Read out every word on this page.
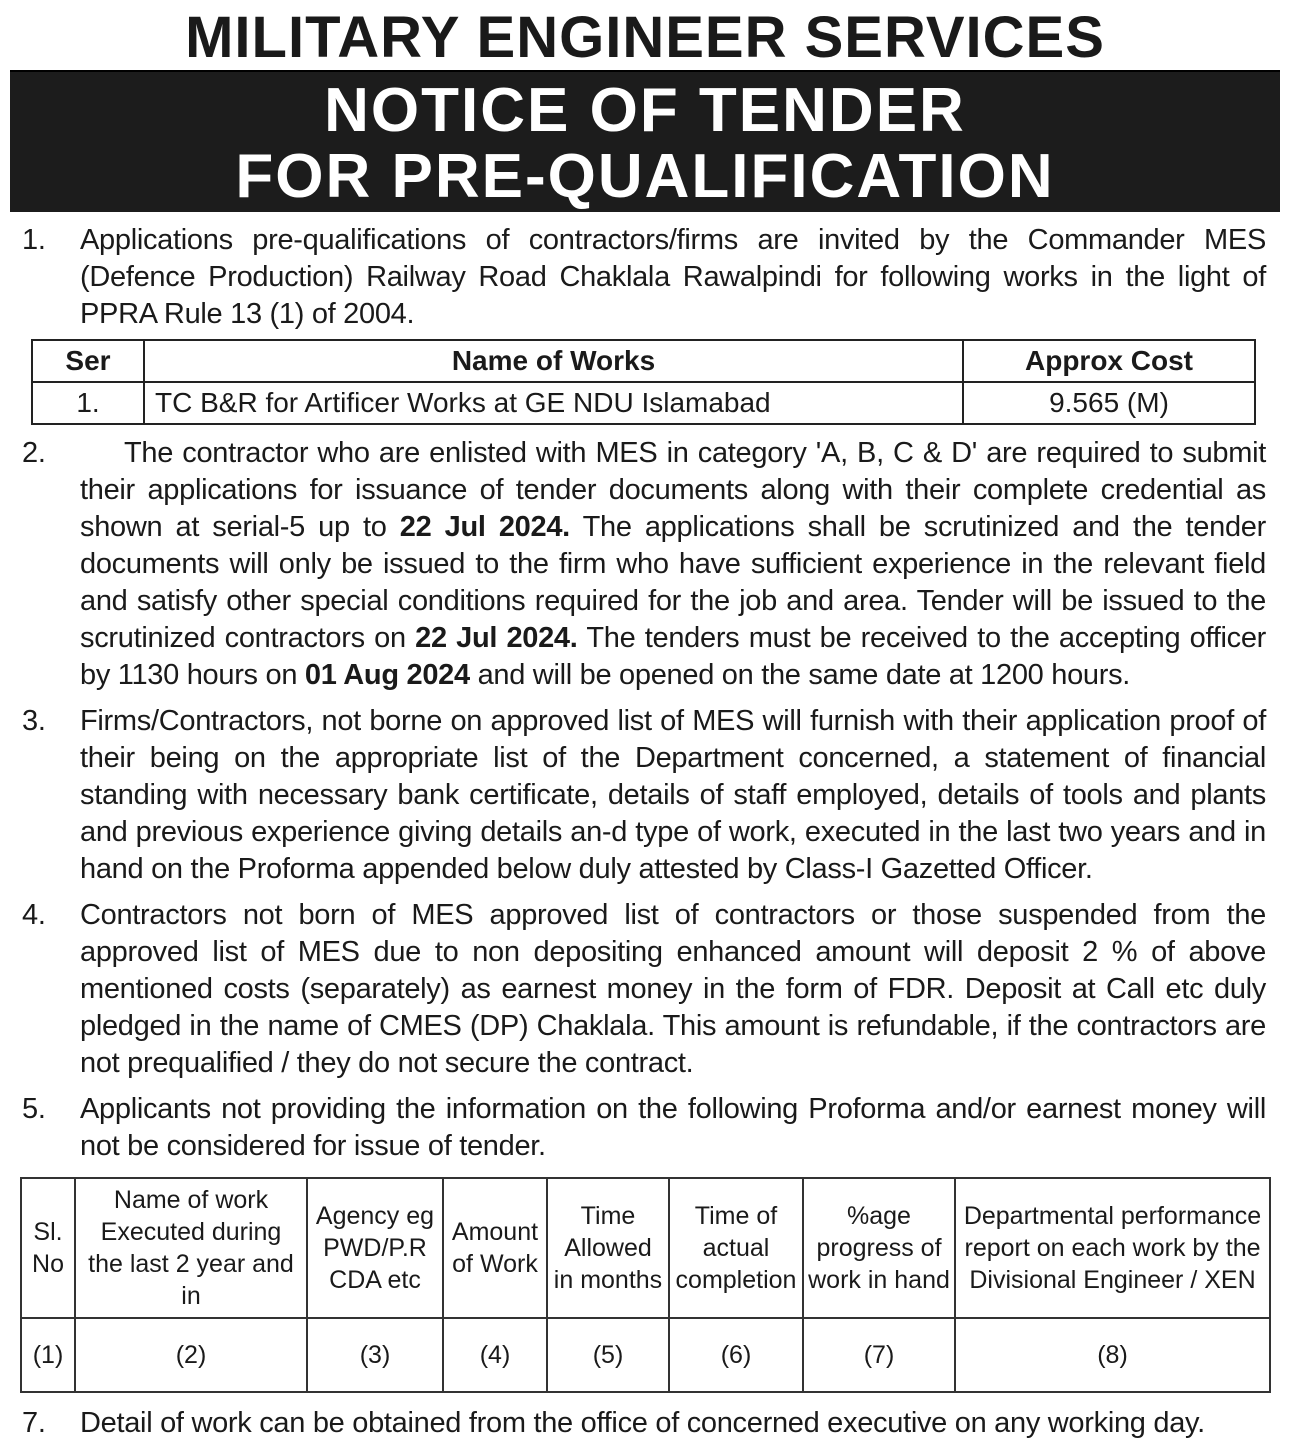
MILITARY ENGINEER SERVICES
NOTICE OF TENDER
FOR PRE-QUALIFICATION
1. Applications pre-qualifications of contractors/firms are invited by the Commander MES (Defence Production) Railway Road Chaklala Rawalpindi for following works in the light of PPRA Rule 13 (1) of 2004.
Ser	Name of Works	Approx Cost
1.	TC B&R for Artificer Works at GE NDU Islamabad	9.565 (M)
2.	The contractor who are enlisted with MES in category 'A, B, C & D' are required to submit their applications for issuance of tender documents along with their complete credential as shown at serial-5 up to 22 Jul 2024. The applications shall be scrutinized and the tender documents will only be issued to the firm who have sufficient experience in the relevant field and satisfy other special conditions required for the job and area. Tender will be issued to the scrutinized contractors on 22 Jul 2024. The tenders must be received to the accepting officer by 1130 hours on 01 Aug 2024 and will be opened on the same date at 1200 hours.
3. Firms/Contractors, not borne on approved list of MES will furnish with their application proof of their being on the appropriate list of the Department concerned, a statement of financial standing with necessary bank certificate, details of staff employed, details of tools and plants and previous experience giving details an-d type of work, executed in the last two years and in hand on the Proforma appended below duly attested by Class-I Gazetted Officer.
4. Contractors not born of MES approved list of contractors or those suspended from the approved list of MES due to non depositing enhanced amount will deposit 2 % of above mentioned costs (separately) as earnest money in the form of FDR. Deposit at Call etc duly pledged in the name of CMES (DP) Chaklala. This amount is refundable, if the contractors are not prequalified / they do not secure the contract.
5. Applicants not providing the information on the following Proforma and/or earnest money will not be considered for issue of tender.
Sl. No	Name of work Executed during the last 2 year and in	Agency eg PWD/P.R CDA etc	Amount of Work	Time Allowed in months	Time of actual completion	%age progress of work in hand	Departmental performance report on each work by the Divisional Engineer / XEN
(1)	(2)	(3)	(4)	(5)	(6)	(7)	(8)
7. Detail of work can be obtained from the office of concerned executive on any working day.
